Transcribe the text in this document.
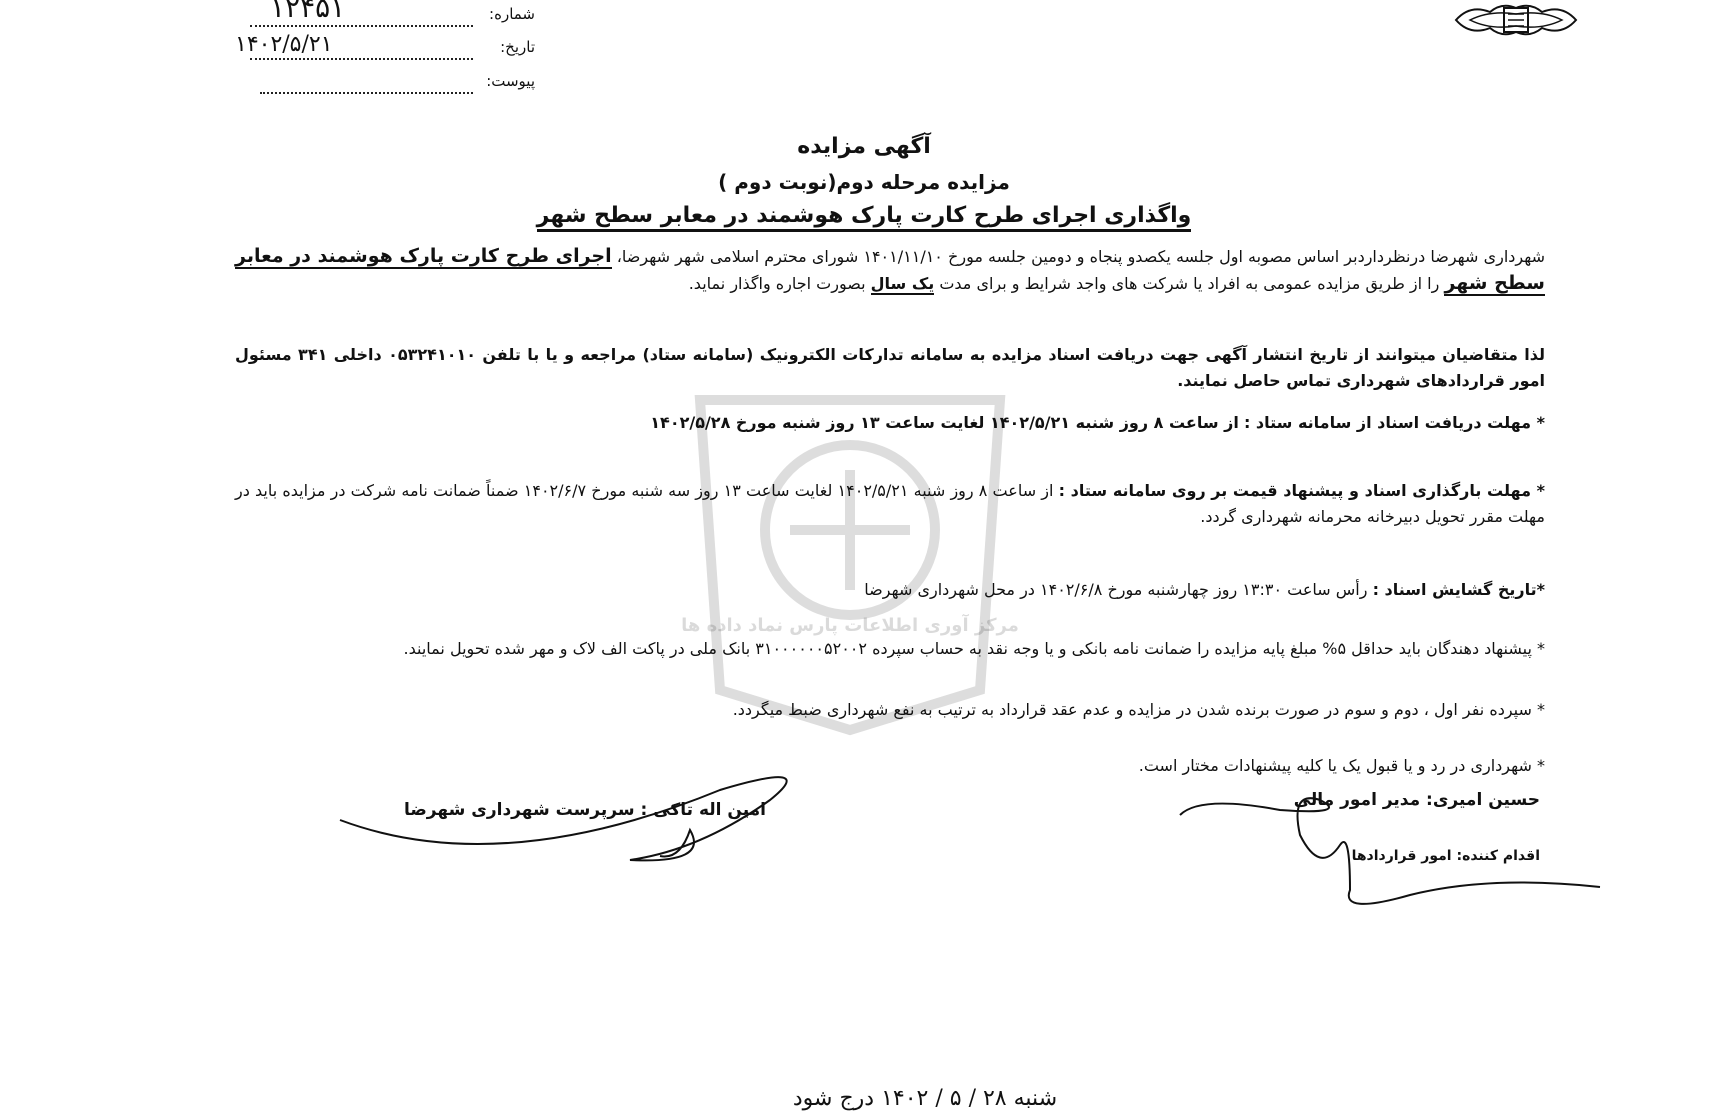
شماره:
۱۲۴۵۱
تاریخ:
۱۴۰۲/۵/۲۱
پیوست:
مرکز آوری اطلاعات پارس نماد داده ها
آگهی مزایده
مزایده مرحله دوم(نوبت دوم )
واگذاری اجرای طرح کارت پارک هوشمند در معابر سطح شهر
شهرداری شهرضا درنظرداردبر اساس مصوبه اول جلسه یکصدو پنجاه و دومین جلسه مورخ ۱۴۰۱/۱۱/۱۰ شورای محترم اسلامی شهر شهرضا، اجرای طرح کارت پارک هوشمند در معابر سطح شهر را از طریق مزایده عمومی به افراد یا شرکت های واجد شرایط و برای مدت یک سال بصورت اجاره واگذار نماید.
لذا متقاضیان میتوانند از تاریخ انتشار آگهی جهت دریافت اسناد مزایده به سامانه تدارکات الکترونیک (سامانه ستاد) مراجعه و یا با تلفن ۰۵۳۲۴۱۰۱۰ داخلی ۳۴۱ مسئول امور قراردادهای شهرداری تماس حاصل نمایند.
* مهلت دریافت اسناد از سامانه ستاد : از ساعت ۸ روز شنبه ۱۴۰۲/۵/۲۱ لغایت ساعت ۱۳ روز شنبه مورخ ۱۴۰۲/۵/۲۸
* مهلت بارگذاری اسناد و پیشنهاد قیمت بر روی سامانه ستاد : از ساعت ۸ روز شنبه ۱۴۰۲/۵/۲۱ لغایت ساعت ۱۳ روز سه شنبه مورخ ۱۴۰۲/۶/۷ ضمناً ضمانت نامه شرکت در مزایده باید در مهلت مقرر تحویل دبیرخانه محرمانه شهرداری گردد.
*تاریخ گشایش اسناد : رأس ساعت ۱۳:۳۰ روز چهارشنبه مورخ ۱۴۰۲/۶/۸ در محل شهرداری شهرضا
* پیشنهاد دهندگان باید حداقل ۵% مبلغ پایه مزایده را ضمانت نامه بانکی و یا وجه نقد به حساب سپرده ۳۱۰۰۰۰۰۰۵۲۰۰۲ بانک ملی در پاکت الف لاک و مهر شده تحویل نمایند.
* سپرده نفر اول ، دوم و سوم در صورت برنده شدن در مزایده و عدم عقد قرارداد به ترتیب به نفع شهرداری ضبط میگردد.
* شهرداری در رد و یا قبول یک یا کلیه پیشنهادات مختار است.
امین اله تاکی : سرپرست شهرداری شهرضا	حسین امیری: مدیر امور مالی
اقدام کننده: امور قراردادها
شنبه ۲۸ / ۵ / ۱۴۰۲ درج شود
